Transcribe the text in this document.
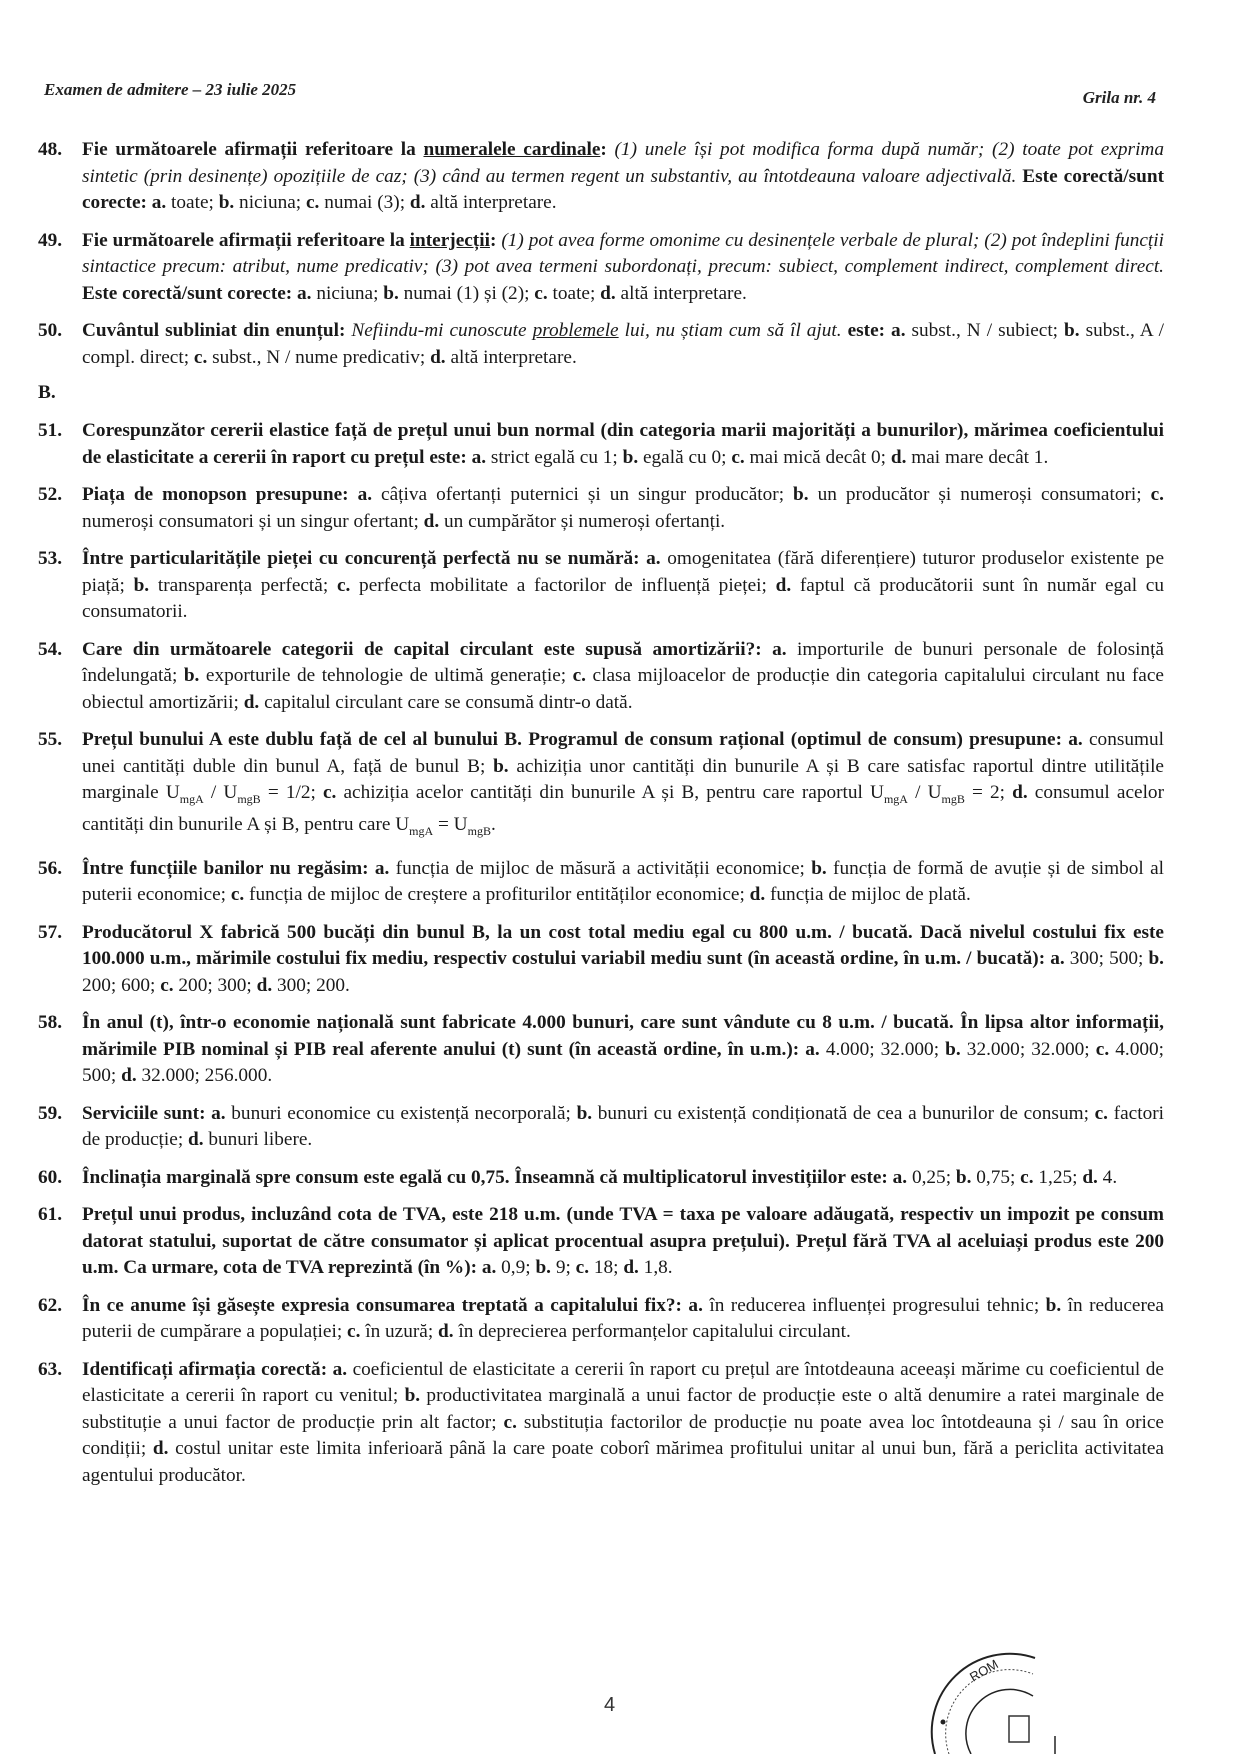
Examen de admitere – 23 iulie 2025	Grila nr. 4
48.	Fie următoarele afirmații referitoare la numeralele cardinale: (1) unele își pot modifica forma după număr; (2) toate pot exprima sintetic (prin desinențe) opozițiile de caz; (3) când au termen regent un substantiv, au întotdeauna valoare adjectivală. Este corectă/sunt corecte: a. toate; b. niciuna; c. numai (3); d. altă interpretare.
49.	Fie următoarele afirmații referitoare la interjecții: (1) pot avea forme omonime cu desinențele verbale de plural; (2) pot îndeplini funcții sintactice precum: atribut, nume predicativ; (3) pot avea termeni subordonați, precum: subiect, complement indirect, complement direct. Este corectă/sunt corecte: a. niciuna; b. numai (1) și (2); c. toate; d. altă interpretare.
50.	Cuvântul subliniat din enunțul: Nefiindu-mi cunoscute problemele lui, nu știam cum să îl ajut. este: a. subst., N / subiect; b. subst., A / compl. direct; c. subst., N / nume predicativ; d. altă interpretare.
B.
51.	Corespunzător cererii elastice față de prețul unui bun normal (din categoria marii majorități a bunurilor), mărimea coeficientului de elasticitate a cererii în raport cu prețul este: a. strict egală cu 1; b. egală cu 0; c. mai mică decât 0; d. mai mare decât 1.
52.	Piața de monopson presupune: a. câțiva ofertanți puternici și un singur producător; b. un producător și numeroși consumatori; c. numeroși consumatori și un singur ofertant; d. un cumpărător și numeroși ofertanți.
53.	Între particularitățile pieței cu concurență perfectă nu se numără: a. omogenitatea (fără diferențiere) tuturor produselor existente pe piață; b. transparența perfectă; c. perfecta mobilitate a factorilor de influență pieței; d. faptul că producătorii sunt în număr egal cu consumatorii.
54.	Care din următoarele categorii de capital circulant este supusă amortizării?: a. importurile de bunuri personale de folosință îndelungată; b. exporturile de tehnologie de ultimă generație; c. clasa mijloacelor de producție din categoria capitalului circulant nu face obiectul amortizării; d. capitalul circulant care se consumă dintr-o dată.
55.	Prețul bunului A este dublu față de cel al bunului B. Programul de consum rațional (optimul de consum) presupune: a. consumul unei cantități duble din bunul A, față de bunul B; b. achiziția unor cantități din bunurile A și B care satisfac raportul dintre utilitățile marginale $U_{mgA} / U_{mgB} = 1/2$; c. achiziția acelor cantități din bunurile A și B, pentru care raportul $U_{mgA} / U_{mgB} = 2$; d. consumul acelor cantități din bunurile A și B, pentru care $U_{mgA} = U_{mgB}$.
56.	Între funcțiile banilor nu regăsim: a. funcția de mijloc de măsură a activității economice; b. funcția de formă de avuție și de simbol al puterii economice; c. funcția de mijloc de creștere a profiturilor entităților economice; d. funcția de mijloc de plată.
57.	Producătorul X fabrică 500 bucăți din bunul B, la un cost total mediu egal cu 800 u.m. / bucată. Dacă nivelul costului fix este 100.000 u.m., mărimile costului fix mediu, respectiv costului variabil mediu sunt (în această ordine, în u.m. / bucată): a. 300; 500; b. 200; 600; c. 200; 300; d. 300; 200.
58.	În anul (t), într-o economie națională sunt fabricate 4.000 bunuri, care sunt vândute cu 8 u.m. / bucată. În lipsa altor informații, mărimile PIB nominal și PIB real aferente anului (t) sunt (în această ordine, în u.m.): a. 4.000; 32.000; b. 32.000; 32.000; c. 4.000; 500; d. 32.000; 256.000.
59.	Serviciile sunt: a. bunuri economice cu existență necorporală; b. bunuri cu existență condiționată de cea a bunurilor de consum; c. factori de producție; d. bunuri libere.
60.	Înclinația marginală spre consum este egală cu 0,75. Înseamnă că multiplicatorul investițiilor este: a. 0,25; b. 0,75; c. 1,25; d. 4.
61.	Prețul unui produs, incluzând cota de TVA, este 218 u.m. (unde TVA = taxa pe valoare adăugată, respectiv un impozit pe consum datorat statului, suportat de către consumator și aplicat procentual asupra prețului). Prețul fără TVA al aceluiași produs este 200 u.m. Ca urmare, cota de TVA reprezintă (în %): a. 0,9; b. 9; c. 18; d. 1,8.
62.	În ce anume își găsește expresia consumarea treptată a capitalului fix?: a. în reducerea influenței progresului tehnic; b. în reducerea puterii de cumpărare a populației; c. în uzură; d. în deprecierea performanțelor capitalului circulant.
63.	Identificați afirmația corectă: a. coeficientul de elasticitate a cererii în raport cu prețul are întotdeauna aceeași mărime cu coeficientul de elasticitate a cererii în raport cu venitul; b. productivitatea marginală a unui factor de producție este o altă denumire a ratei marginale de substituție a unui factor de producție prin alt factor; c. substituția factorilor de producție nu poate avea loc întotdeauna și / sau în orice condiții; d. costul unitar este limita inferioară până la care poate coborî mărimea profitului unitar al unui bun, fără a periclita activitatea agentului producător.
4
ROM
